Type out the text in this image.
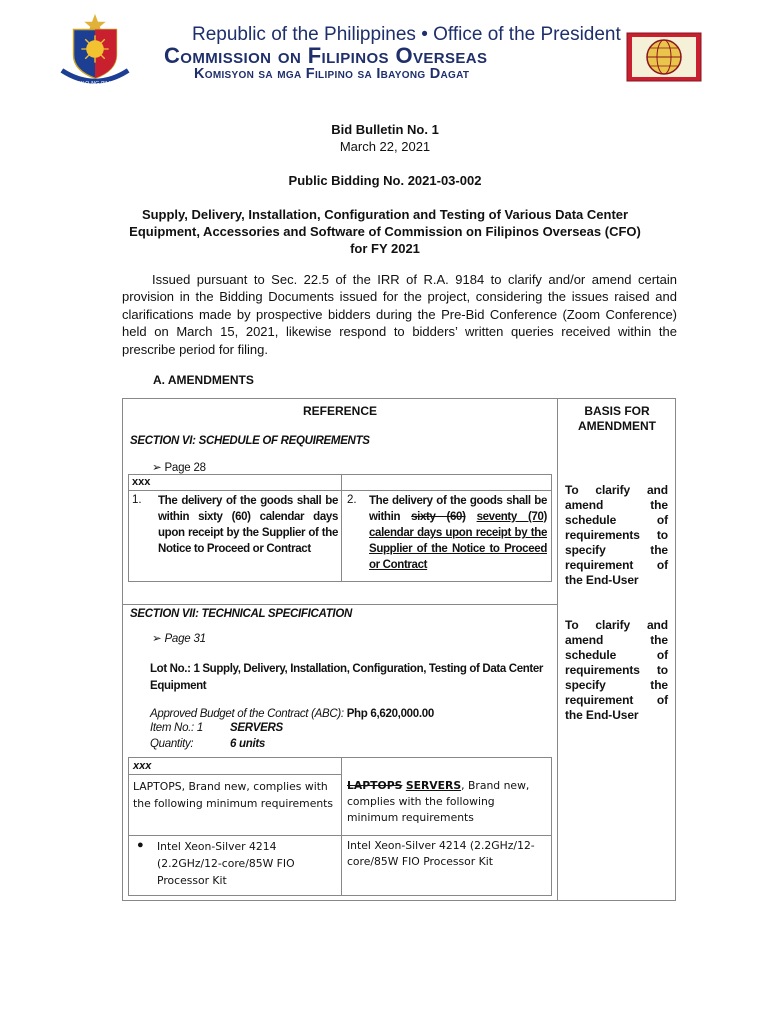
PANGULO NG PILIPINAS
Republic of the Philippines • Office of the President
Commission on Filipinos Overseas
Komisyon sa mga Filipino sa Ibayong Dagat
Bid Bulletin No. 1
March 22, 2021
Public Bidding No. 2021-03-002
Supply, Delivery, Installation, Configuration and Testing of Various Data Center Equipment, Accessories and Software of Commission on Filipinos Overseas (CFO) for FY 2021
Issued pursuant to Sec. 22.5 of the IRR of R.A. 9184 to clarify and/or amend certain provision in the Bidding Documents issued for the project, considering the issues raised and clarifications made by prospective bidders during the Pre-Bid Conference (Zoom Conference) held on March 15, 2021, likewise respond to bidders’ written queries received within the prescribe period for filing.
A. AMENDMENTS
REFERENCE	BASIS FOR AMENDMENT
SECTION VI: SCHEDULE OF REQUIREMENTS
➢ Page 28
xxx
1. The delivery of the goods shall be within sixty (60) calendar days upon receipt by the Supplier of the Notice to Proceed or Contract
2. The delivery of the goods shall be within sixty (60) seventy (70) calendar days upon receipt by the Supplier of the Notice to Proceed or Contract
To clarify and
amend the
schedule of
requirements to
specify the
requirement of
the End-User
SECTION VII: TECHNICAL SPECIFICATION
➢ Page 31
Lot No.: 1 Supply, Delivery, Installation, Configuration, Testing of Data Center Equipment
Approved Budget of the Contract (ABC): Php 6,620,000.00
Item No.: 1 SERVERS
Quantity:	6 units
xxx
LAPTOPS, Brand new, complies with the following minimum requirements
LAPTOPS SERVERS, Brand new, complies with the following minimum requirements
● Intel Xeon-Silver 4214 (2.2GHz/12-core/85W FIO Processor Kit
Intel Xeon-Silver 4214 (2.2GHz/12-core/85W FIO Processor Kit
To clarify and
amend the
schedule of
requirements to
specify the
requirement of
the End-User
